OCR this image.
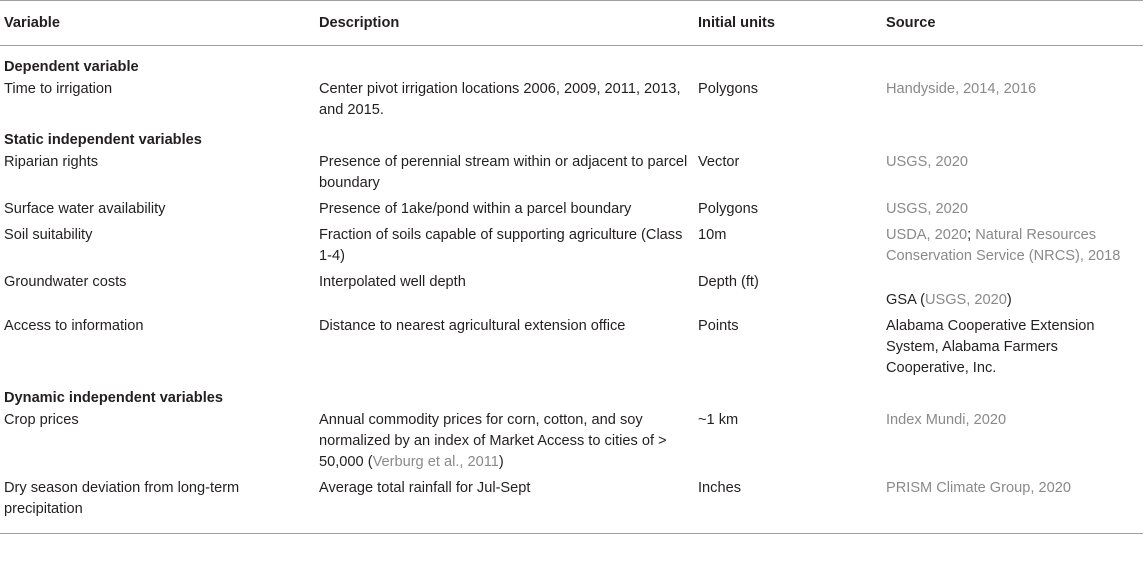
Variable	Description	Initial units	Source
Dependent variable			
Time to irrigation	Center pivot irrigation locations 2006, 2009, 2011, 2013, and 2015.	Polygons	Handyside, 2014, 2016
Static independent variables			
Riparian rights	Presence of perennial stream within or adjacent to parcel boundary	Vector	USGS, 2020
Surface water availability	Presence of 1ake/pond within a parcel boundary	Polygons	USGS, 2020
Soil suitability	Fraction of soils capable of supporting agriculture (Class 1-4)	10m	USDA, 2020; Natural Resources Conservation Service (NRCS), 2018
Groundwater costs	Interpolated well depth	Depth (ft)	GSA (USGS, 2020)
Access to information	Distance to nearest agricultural extension office	Points	Alabama Cooperative Extension System, Alabama Farmers Cooperative, Inc.
Dynamic independent variables			
Crop prices	Annual commodity prices for corn, cotton, and soy normalized by an index of Market Access to cities of > 50,000 (Verburg et al., 2011)	~1 km	Index Mundi, 2020
Dry season deviation from long-term precipitation	Average total rainfall for Jul-Sept	Inches	PRISM Climate Group, 2020
